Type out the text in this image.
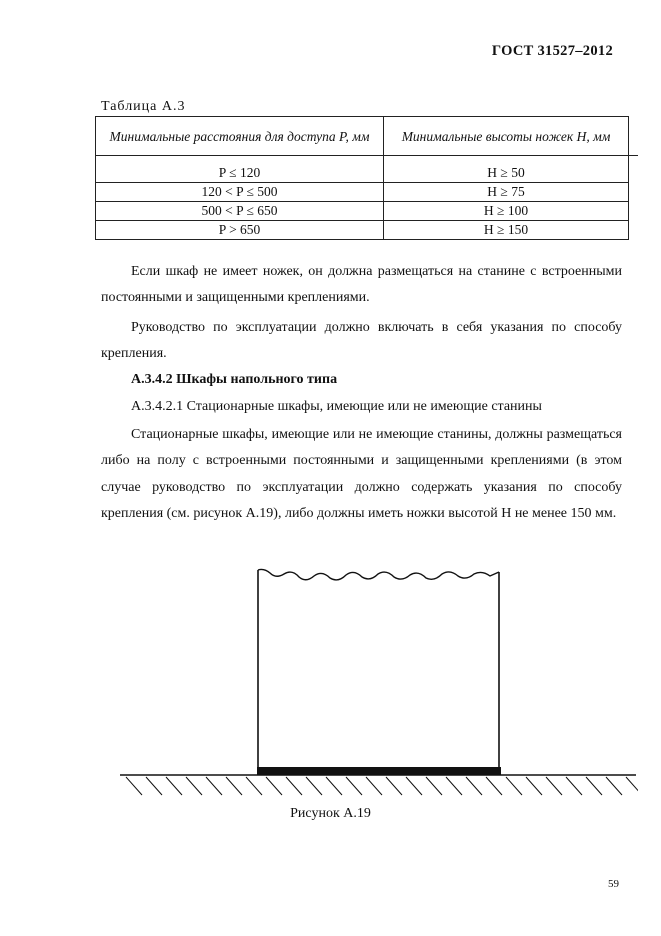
ГОСТ 31527–2012
Таблица А.3
Минимальные расстояния для доступа P, мм	Минимальные высоты ножек H, мм
P ≤ 120	H ≥ 50
120 < P ≤ 500	H ≥ 75
500 < P ≤ 650	H ≥ 100
P > 650	H ≥ 150
Если шкаф не имеет ножек, он должна размещаться на станине с встроенными постоянными и защищенными креплениями.
Руководство по эксплуатации должно включать в себя указания по способу крепления.
А.3.4.2 Шкафы напольного типа
А.3.4.2.1 Стационарные шкафы, имеющие или не имеющие станины
Стационарные шкафы, имеющие или не имеющие станины, должны размещаться либо на полу с встроенными постоянными и защищенными креплениями (в этом случае руководство по эксплуатации должно содержать указания по способу крепления (см. рисунок А.19), либо должны иметь ножки высотой H не менее 150 мм.
Рисунок А.19
59
